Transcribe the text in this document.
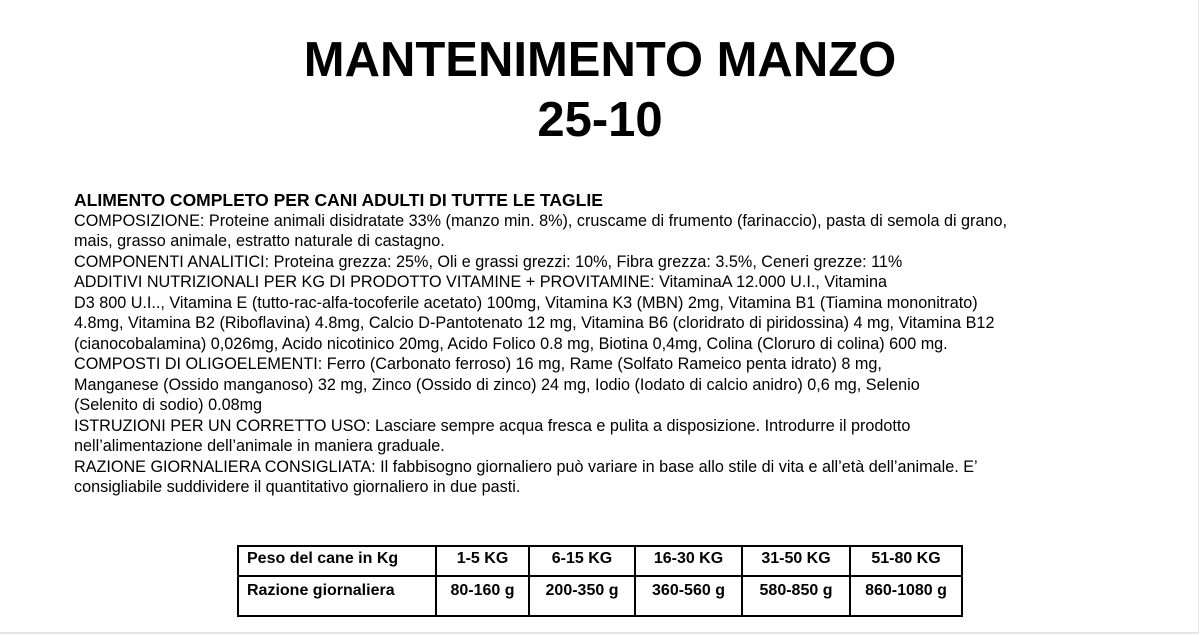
MANTENIMENTO MANZO
25-10
ALIMENTO COMPLETO PER CANI ADULTI DI TUTTE LE TAGLIE
COMPOSIZIONE: Proteine animali disidratate 33% (manzo min. 8%), cruscame di frumento (farinaccio), pasta di semola di grano,
mais, grasso animale, estratto naturale di castagno.
COMPONENTI ANALITICI: Proteina grezza: 25%, Oli e grassi grezzi: 10%, Fibra grezza: 3.5%, Ceneri grezze: 11%
ADDITIVI NUTRIZIONALI PER KG DI PRODOTTO VITAMINE + PROVITAMINE: VitaminaA 12.000 U.I., Vitamina
D3 800 U.I.., Vitamina E (tutto-rac-alfa-tocoferile acetato) 100mg, Vitamina K3 (MBN) 2mg, Vitamina B1 (Tiamina mononitrato)
4.8mg, Vitamina B2 (Riboflavina) 4.8mg, Calcio D-Pantotenato 12 mg, Vitamina B6 (cloridrato di piridossina) 4 mg, Vitamina B12
(cianocobalamina) 0,026mg, Acido nicotinico 20mg, Acido Folico 0.8 mg, Biotina 0,4mg, Colina (Cloruro di colina) 600 mg.
COMPOSTI DI OLIGOELEMENTI: Ferro (Carbonato ferroso) 16 mg, Rame (Solfato Rameico penta idrato) 8 mg,
Manganese (Ossido manganoso) 32 mg, Zinco (Ossido di zinco) 24 mg, Iodio (Iodato di calcio anidro) 0,6 mg, Selenio
(Selenito di sodio) 0.08mg
ISTRUZIONI PER UN CORRETTO USO: Lasciare sempre acqua fresca e pulita a disposizione. Introdurre il prodotto
nell’alimentazione dell’animale in maniera graduale.
RAZIONE GIORNALIERA CONSIGLIATA: Il fabbisogno giornaliero può variare in base allo stile di vita e all’età dell’animale. E’
consigliabile suddividere il quantitativo giornaliero in due pasti.
Peso del cane in Kg	1-5 KG	6-15 KG	16-30 KG	31-50 KG	51-80 KG
Razione giornaliera	80-160 g	200-350 g	360-560 g	580-850 g	860-1080 g
